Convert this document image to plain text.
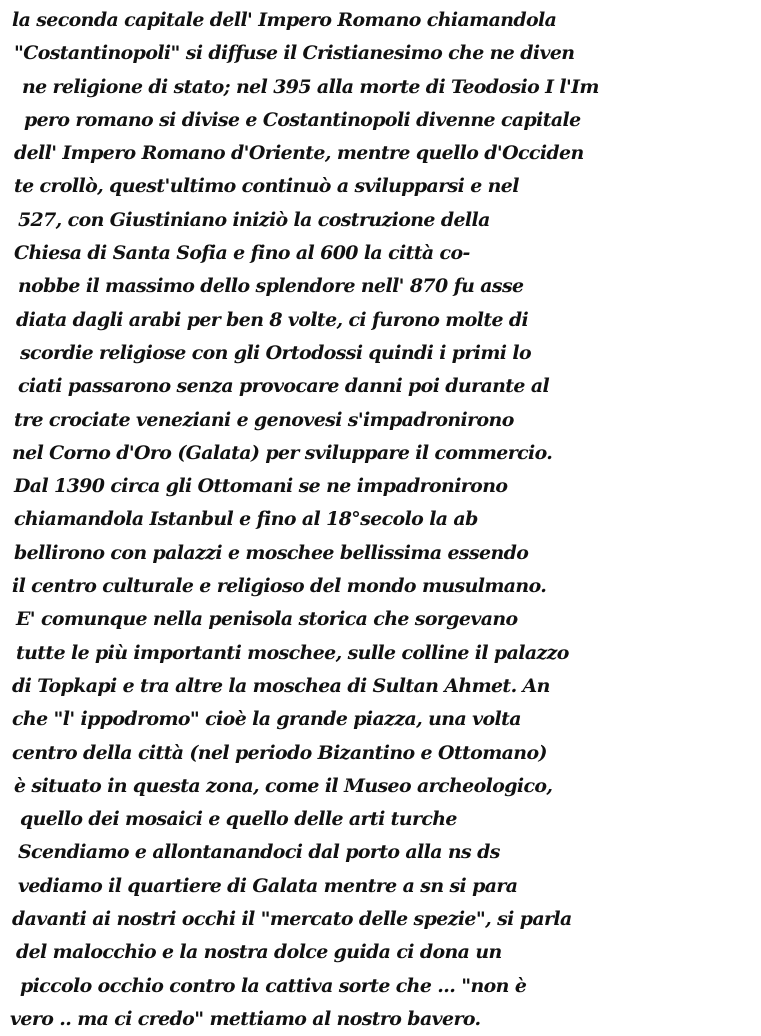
la seconda capitale dell' Impero Romano chiamandola
"Costantinopoli" si diffuse il Cristianesimo che ne diven
ne religione di stato; nel 395 alla morte di Teodosio I l'Im
pero romano si divise e Costantinopoli divenne capitale
dell' Impero Romano d'Oriente, mentre quello d'Occiden
te crollò, quest'ultimo continuò a svilupparsi e nel
527, con Giustiniano iniziò la costruzione della
Chiesa di Santa Sofia e fino al 600 la città co-
nobbe il massimo dello splendore nell' 870 fu asse
diata dagli arabi per ben 8 volte, ci furono molte di
scordie religiose con gli Ortodossi quindi i primi lo
ciati passarono senza provocare danni poi durante al
tre crociate veneziani e genovesi s'impadronirono
nel Corno d'Oro (Galata) per sviluppare il commercio.
Dal 1390 circa gli Ottomani se ne impadronirono
chiamandola Istanbul e fino al 18°secolo la ab
bellirono con palazzi e moschee bellissima essendo
il centro culturale e religioso del mondo musulmano.
E' comunque nella penisola storica che sorgevano
tutte le più importanti moschee, sulle colline il palazzo
di Topkapi e tra altre la moschea di Sultan Ahmet. An
che "l' ippodromo" cioè la grande piazza, una volta
centro della città (nel periodo Bizantino e Ottomano)
è situato in questa zona, come il Museo archeologico,
quello dei mosaici e quello delle arti turche
Scendiamo e allontanandoci dal porto alla ns ds
vediamo il quartiere di Galata mentre a sn si para
davanti ai nostri occhi il "mercato delle spezie", si parla
del malocchio e la nostra dolce guida ci dona un
piccolo occhio contro la cattiva sorte che ... "non è
vero .. ma ci credo" mettiamo al nostro bavero.
